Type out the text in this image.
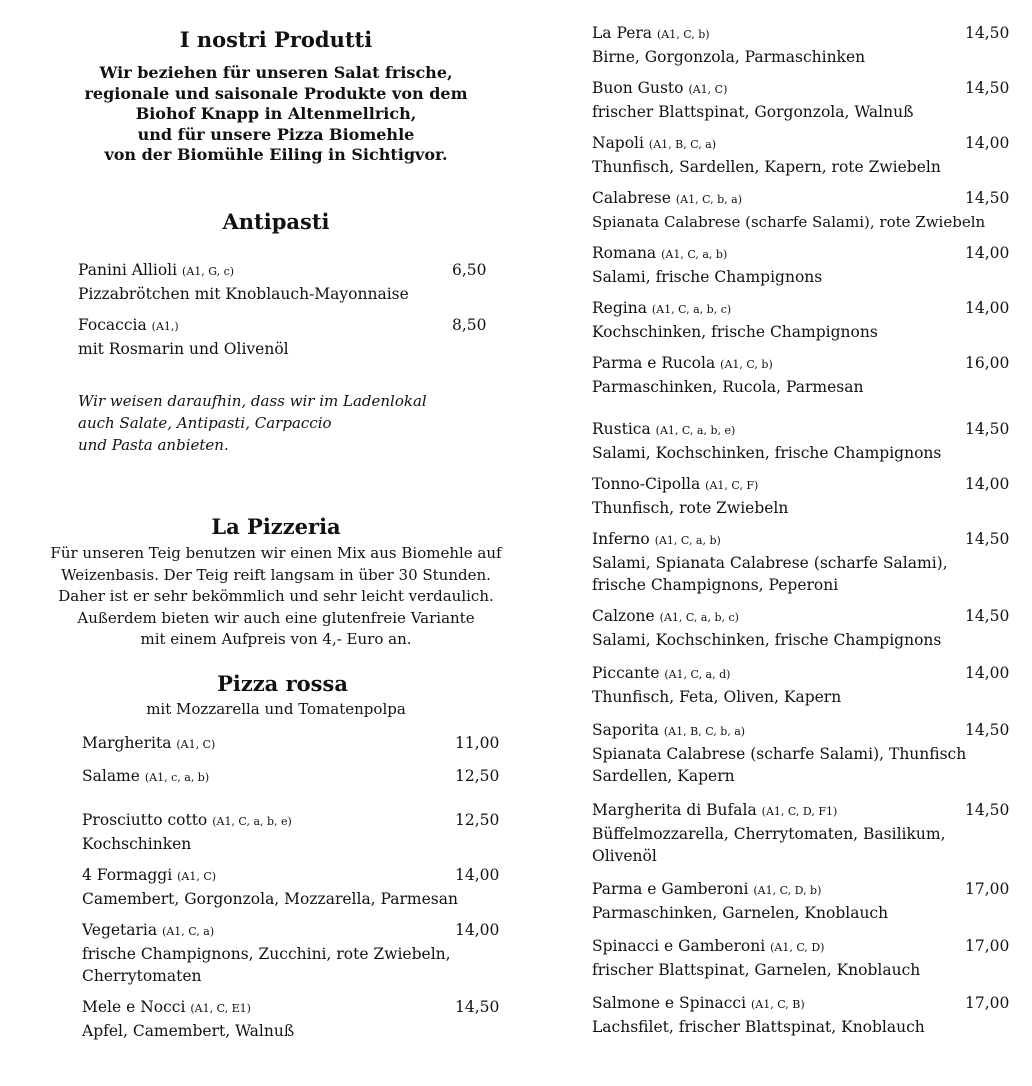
I nostri Produtti
Wir beziehen für unseren Salat frische,
regionale und saisonale Produkte von dem
Biohof Knapp in Altenmellrich,
und für unsere Pizza Biomehle
von der Biomühle Eiling in Sichtigvor.
Antipasti
Panini Allioli (A1, G, c)
Pizzabrötchen mit Knoblauch-Mayonnaise
6,50
Focaccia (A1,)
mit Rosmarin und Olivenöl
8,50
Wir weisen daraufhin, dass wir im Ladenlokal
auch Salate, Antipasti, Carpaccio
und Pasta anbieten.
La Pizzeria
Für unseren Teig benutzen wir einen Mix aus Biomehle auf
Weizenbasis. Der Teig reift langsam in über 30 Stunden.
Daher ist er sehr bekömmlich und sehr leicht verdaulich.
Außerdem bieten wir auch eine glutenfreie Variante
mit einem Aufpreis von 4,- Euro an.
Pizza rossa
mit Mozzarella und Tomatenpolpa
Margherita (A1, C)	11,00
Salame (A1, c, a, b)	12,50
Prosciutto cotto (A1, C, a, b, e)
Kochschinken
12,50
4 Formaggi (A1, C)
Camembert, Gorgonzola, Mozzarella, Parmesan
14,00
Vegetaria (A1, C, a)
frische Champignons, Zucchini, rote Zwiebeln,
Cherrytomaten
14,00
Mele e Nocci (A1, C, E1)
Apfel, Camembert, Walnuß
14,50
La Pera (A1, C, b)
Birne, Gorgonzola, Parmaschinken
14,50
Buon Gusto (A1, C)
frischer Blattspinat, Gorgonzola, Walnuß
14,50
Napoli (A1, B, C, a)
Thunfisch, Sardellen, Kapern, rote Zwiebeln
14,00
Calabrese (A1, C, b, a)
Spianata Calabrese (scharfe Salami), rote Zwiebeln
14,50
Romana (A1, C, a, b)
Salami, frische Champignons
14,00
Regina (A1, C, a, b, c)
Kochschinken, frische Champignons
14,00
Parma e Rucola (A1, C, b)
Parmaschinken, Rucola, Parmesan
16,00
Rustica (A1, C, a, b, e)
Salami, Kochschinken, frische Champignons
14,50
Tonno-Cipolla (A1, C, F)
Thunfisch, rote Zwiebeln
14,00
Inferno (A1, C, a, b)
Salami, Spianata Calabrese (scharfe Salami),
frische Champignons, Peperoni
14,50
Calzone (A1, C, a, b, c)
Salami, Kochschinken, frische Champignons
14,50
Piccante (A1, C, a, d)
Thunfisch, Feta, Oliven, Kapern
14,00
Saporita (A1, B, C, b, a)
Spianata Calabrese (scharfe Salami), Thunfisch
Sardellen, Kapern
14,50
Margherita di Bufala (A1, C, D, F1)
Büffelmozzarella, Cherrytomaten, Basilikum,
Olivenöl
14,50
Parma e Gamberoni (A1, C, D, b)
Parmaschinken, Garnelen, Knoblauch
17,00
Spinacci e Gamberoni (A1, C, D)
frischer Blattspinat, Garnelen, Knoblauch
17,00
Salmone e Spinacci (A1, C, B)
Lachsfilet, frischer Blattspinat, Knoblauch
17,00
